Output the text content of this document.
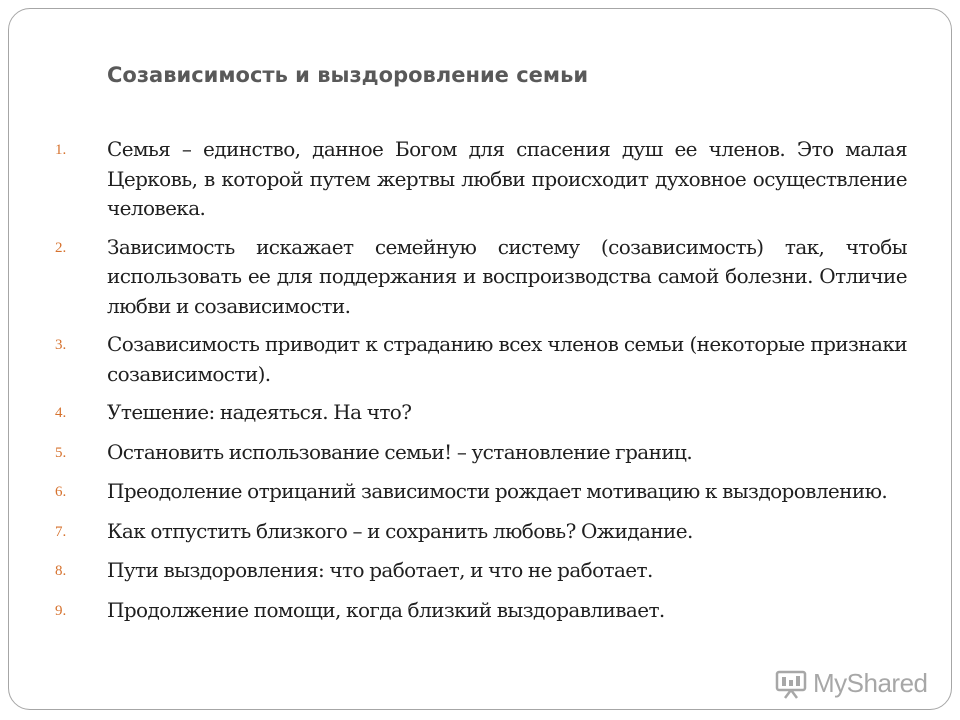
Созависимость и выздоровление семьи
1.	Семья – единство, данное Богом для спасения душ ее членов. Это малая Церковь, в которой путем жертвы любви происходит духовное осуществление человека.
2.	Зависимость искажает семейную систему (созависимость) так, чтобы использовать ее для поддержания и воспроизводства самой болезни. Отличие любви и созависимости.
3.	Созависимость приводит к страданию всех членов семьи (некоторые признаки созависимости).
4.	Утешение: надеяться. На что?
5.	Остановить использование семьи! – установление границ.
6.	Преодоление отрицаний зависимости рождает мотивацию к выздоровлению.
7.	Как отпустить близкого – и сохранить любовь? Ожидание.
8.	Пути выздоровления: что работает, и что не работает.
9.	Продолжение помощи, когда близкий выздоравливает.
MyShared
